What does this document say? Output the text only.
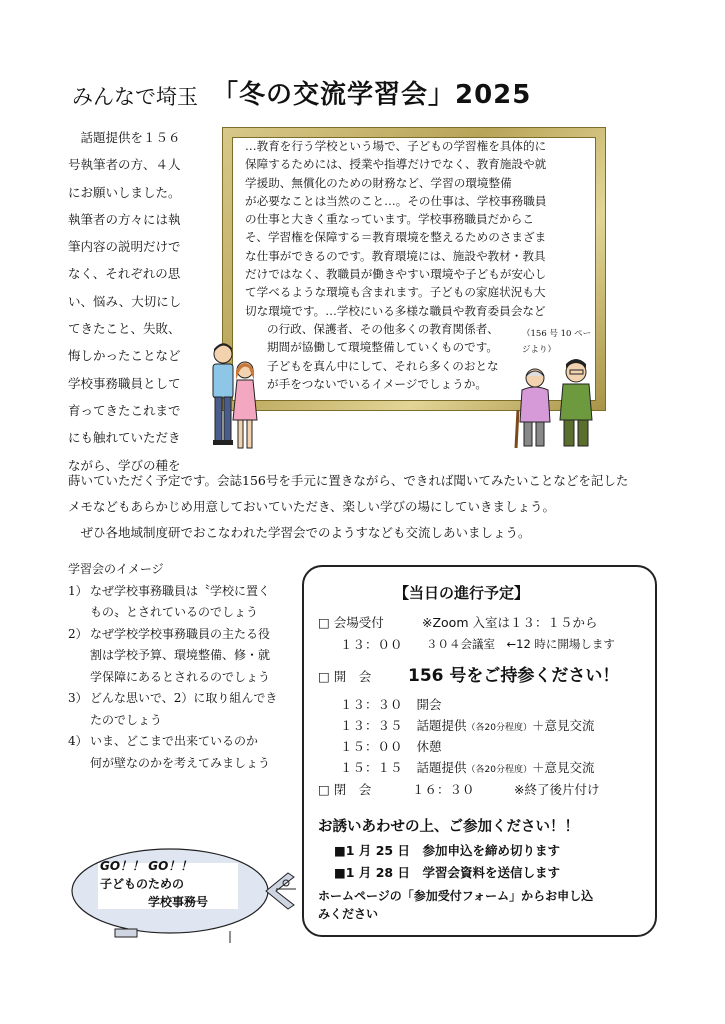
みんなで埼玉 「冬の交流学習会」2025
　話題提供を１５６
号執筆者の方、４人
にお願いしました。
執筆者の方々には執
筆内容の説明だけで
なく、それぞれの思
い、悩み、大切にし
てきたこと、失敗、
悔しかったことなど
学校事務職員として
育ってきたこれまで
にも触れていただき
ながら、学びの種を
蒔いていただく予定です。会誌156号を手元に置きながら、できれば聞いてみたいことなどを記した
メモなどもあらかじめ用意しておいていただき、楽しい学びの場にしていきましょう。
　ぜひ各地域制度研でおこなわれた学習会でのようすなども交流しあいましょう。
…教育を行う学校という場で、子どもの学習権を具体的に
保障するためには、授業や指導だけでなく、教育施設や就
学援助、無償化のための財務など、学習の環境整備
が必要なことは当然のこと…。その仕事は、学校事務職員
の仕事と大きく重なっています。学校事務職員だからこ
そ、学習権を保障する＝教育環境を整えるためのさまざま
な仕事ができるのです。教育環境には、施設や教材・教具
だけではなく、教職員が働きやすい環境や子どもが安心し
て学べるような環境も含まれます。子どもの家庭状況も大
切な環境です。…学校にいる多様な職員や教育委員会など
の行政、保護者、その他多くの教育関係者、
期間が協働して環境整備していくものです。
子どもを真ん中にして、それら多くのおとな
が手をつないでいるイメージでしょうか。
（156 号 10 ペー
ジより）
学習会のイメージ
1） なぜ学校事務職員は〝学校に置くもの〟とされているのでしょう
2） なぜ学校学校事務職員の主たる役割は学校予算、環境整備、修・就学保障にあるとされるのでしょう
3） どんな思いで、2）に取り組んできたのでしょう
4） いま、どこまで出来ているのか　何が壁なのかを考えてみましょう
【当日の進行予定】
□ 会場受付	※Zoom 入室は１３：１５から
１３：００ ３０４会議室　←12 時に開場します
□ 開　会 156 号をご持参ください！
１３：３０ 開会
１３：３５ 話題提供（各20分程度）＋意見交流
１５：００ 休憩
１５：１５ 話題提供（各20分程度）＋意見交流
□ 閉　会	１６：３０	※終了後片付け
お誘いあわせの上、ご参加ください！！
■1 月 25 日　参加申込を締め切ります
■1 月 28 日　学習会資料を送信します
ホームページの「参加受付フォーム」からお申し込
みください
GO！！ GO！！
子どものための
学校事務号
